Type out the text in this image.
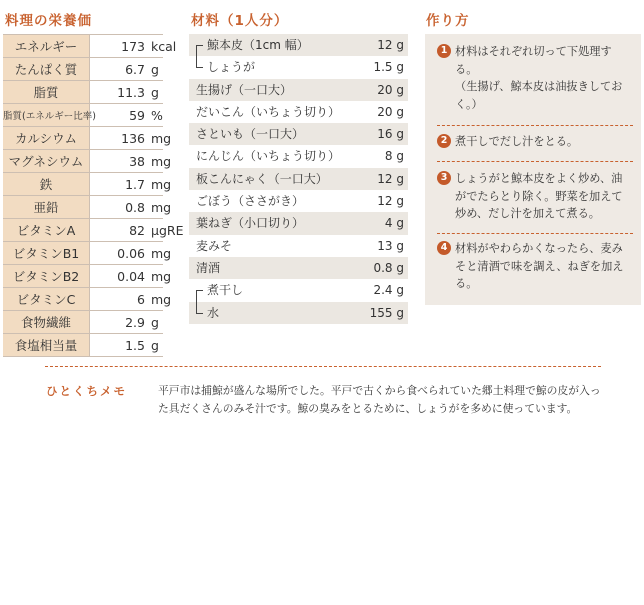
料理の栄養価	材料（1人分）	作り方
エネルギー	173 kcal
たんぱく質	6.7 g
脂質	11.3 g
脂質(エネルギー比率)	59 %
カルシウム	136 mg
マグネシウム	38 mg
鉄	1.7 mg
亜鉛	0.8 mg
ビタミンA	82 μgRE
ビタミンB1	0.06 mg
ビタミンB2	0.04 mg
ビタミンC	6 mg
食物繊維	2.9 g
食塩相当量	1.5 g
鯨本皮（1cm 幅）	12 g
しょうが	1.5 g
生揚げ（一口大）	20 g
だいこん（いちょう切り）	20 g
さといも（一口大）	16 g
にんじん（いちょう切り）	8 g
板こんにゃく（一口大）	12 g
ごぼう（ささがき）	12 g
葉ねぎ（小口切り）	4 g
麦みそ	13 g
清酒	0.8 g
煮干し	2.4 g
水	155 g
1 材料はそれぞれ切って下処理する。
（生揚げ、鯨本皮は油抜きしておく。）
2 煮干しでだし汁をとる。
3 しょうがと鯨本皮をよく炒め、油がでたらとり除く。野菜を加えて炒め、だし汁を加えて煮る。
4 材料がやわらかくなったら、麦みそと清酒で味を調え、ねぎを加える。
ひとくちメモ	平戸市は捕鯨が盛んな場所でした。平戸で古くから食べられていた郷土料理で鯨の皮が入った具だくさんのみそ汁です。鯨の臭みをとるために、しょうがを多めに使っています。
